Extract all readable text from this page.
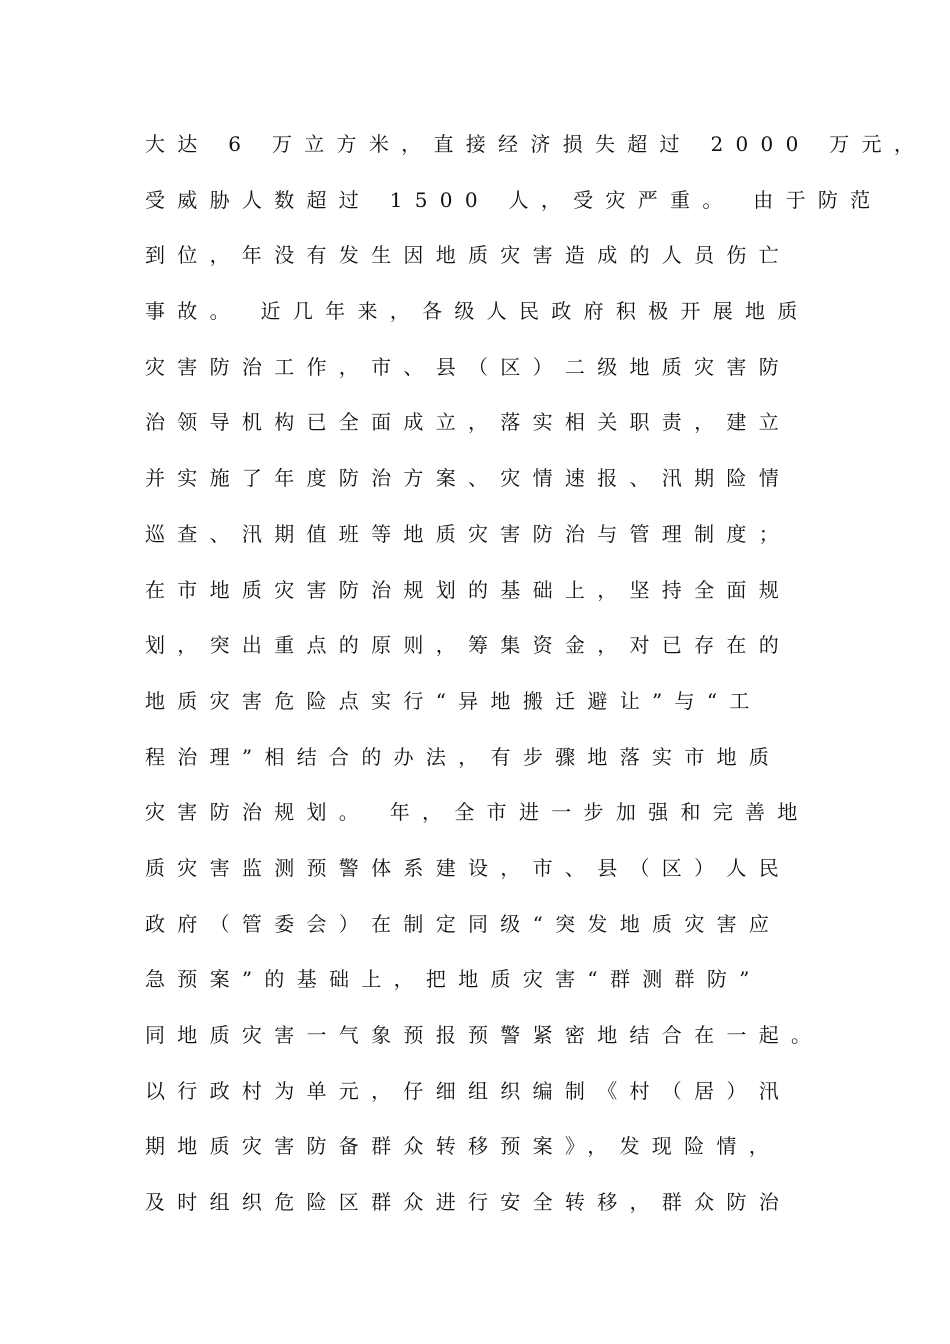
大达 6 万立方米，直接经济损失超过 2000 万元，
受威胁人数超过 1500 人，受灾严重。 由于防范
到位，年没有发生因地质灾害造成的人员伤亡
事故。 近几年来，各级人民政府积极开展地质
灾害防治工作，市、县（区）二级地质灾害防
治领导机构已全面成立，落实相关职责，建立
并实施了年度防治方案、灾情速报、汛期险情
巡查、汛期值班等地质灾害防治与管理制度；
在市地质灾害防治规划的基础上，坚持全面规
划，突出重点的原则，筹集资金，对已存在的
地质灾害危险点实行“异地搬迁避让”与“工
程治理”相结合的办法，有步骤地落实市地质
灾害防治规划。 年，全市进一步加强和完善地
质灾害监测预警体系建设，市、县（区）人民
政府（管委会）在制定同级“突发地质灾害应
急预案”的基础上，把地质灾害“群测群防”
同地质灾害一气象预报预警紧密地结合在一起。
以行政村为单元，仔细组织编制《村（居）汛
期地质灾害防备群众转移预案》，发现险情，
及时组织危险区群众进行安全转移，群众防治
